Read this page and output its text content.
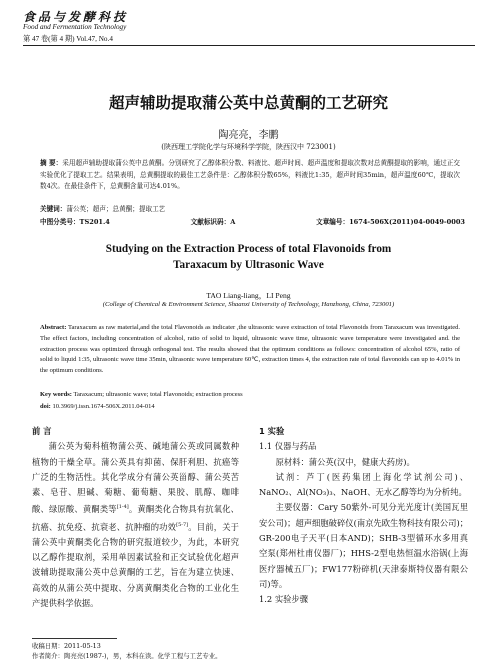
食品与发酵科技
Food and Fermentation Technology
第 47 卷(第 4 期) Vol.47, No.4
超声辅助提取蒲公英中总黄酮的工艺研究
陶亮亮，李鹏
(陕西理工学院化学与环境科学学院，陕西汉中 723001)
摘 要：采用超声辅助提取蒲公英中总黄酮。分别研究了乙醇体积分数、料液比、超声时间、超声温度和提取次数对总黄酮提取的影响，通过正交实验优化了提取工艺。结果表明，总黄酮提取的最佳工艺条件是：乙醇体积分数65%，料液比1:35，超声时间35min，超声温度60℃，提取次数4次。在最佳条件下，总黄酮含量可达4.01%。
关键词：蒲公英；超声；总黄酮；提取工艺
中图分类号：TS201.4	文献标识码：A	文章编号：1674-506X(2011)04-0049-0003
Studying on the Extraction Process of total Flavonoids from
Taraxacum by Ultrasonic Wave
TAO Liang-liang，LI Peng
(College of Chemical & Environment Science, Shaanxi University of Technology, Hanzhong, China, 723001)
Abstract: Taraxacum as raw material,and the total Flavonoids as indicater ,the ultrasonic wave extraction of total Flavonoids from Taraxacum was investigated. The effect factors, including concentration of alcohol, ratio of solid to liquid, ultrasonic wave time, ultrasonic wave temperature were investigated and. the extraction process was optimized through orthogonal test. The results showed that the optimum conditions as follows: concentration of alcohol 65%, ratio of solid to liquid 1:35, ultrasonic wave time 35min, ultrasonic wave temperature 60℃, extraction times 4, the extraction rate of total flavonoids can up to 4.01% in the optimum conditions.
Key words: Taraxacum; ultrasonic wave; total Flavonoids; extraction process
doi: 10.3969/j.issn.1674-506X.2011.04-014
前 言

蒲公英为菊科植物蒲公英、碱地蒲公英或同属数种植物的干燥全草。蒲公英具有抑菌、保肝利胆、抗癌等广泛的生物活性。其化学成分有蒲公英甾醇、蒲公英苦素、皂苷、胆碱、菊糖、葡萄糖、果胶、肌醇、咖啡酸、绿原酸、黄酮类等[1-4]。黄酮类化合物具有抗氧化、抗癌、抗免疫、抗衰老、抗肿瘤的功效[5-7]。目前，关于蒲公英中黄酮类化合物的研究报道较少，为此，本研究以乙醇作提取剂，采用单因素试验和正交试验优化超声波辅助提取蒲公英中总黄酮的工艺，旨在为建立快速、高效的从蒲公英中提取、分离黄酮类化合物的工业化生产提供科学依据。

1 实验
1.1 仪器与药品

原材料：蒲公英(汉中，健康大药房)。

试剂：芦丁(医药集团上海化学试剂公司)、NaNO₂、Al(NO₃)₃、NaOH、无水乙醇等均为分析纯。

主要仪器：Cary 50紫外-可见分光光度计(美国瓦里安公司)；超声细胞破碎仪(南京先欧生物科技有限公司)；GR-200电子天平(日本AND)；SHB-3型循环水多用真空泵(郑州杜甫仪器厂)；HHS-2型电热恒温水浴锅(上海医疗器械五厂)；FW177粉碎机(天津泰斯特仪器有限公司)等。

1.2 实验步骤
收稿日期：2011-05-13
作者简介：陶亮亮(1987-)，男，本科在读。化学工程与工艺专业。
